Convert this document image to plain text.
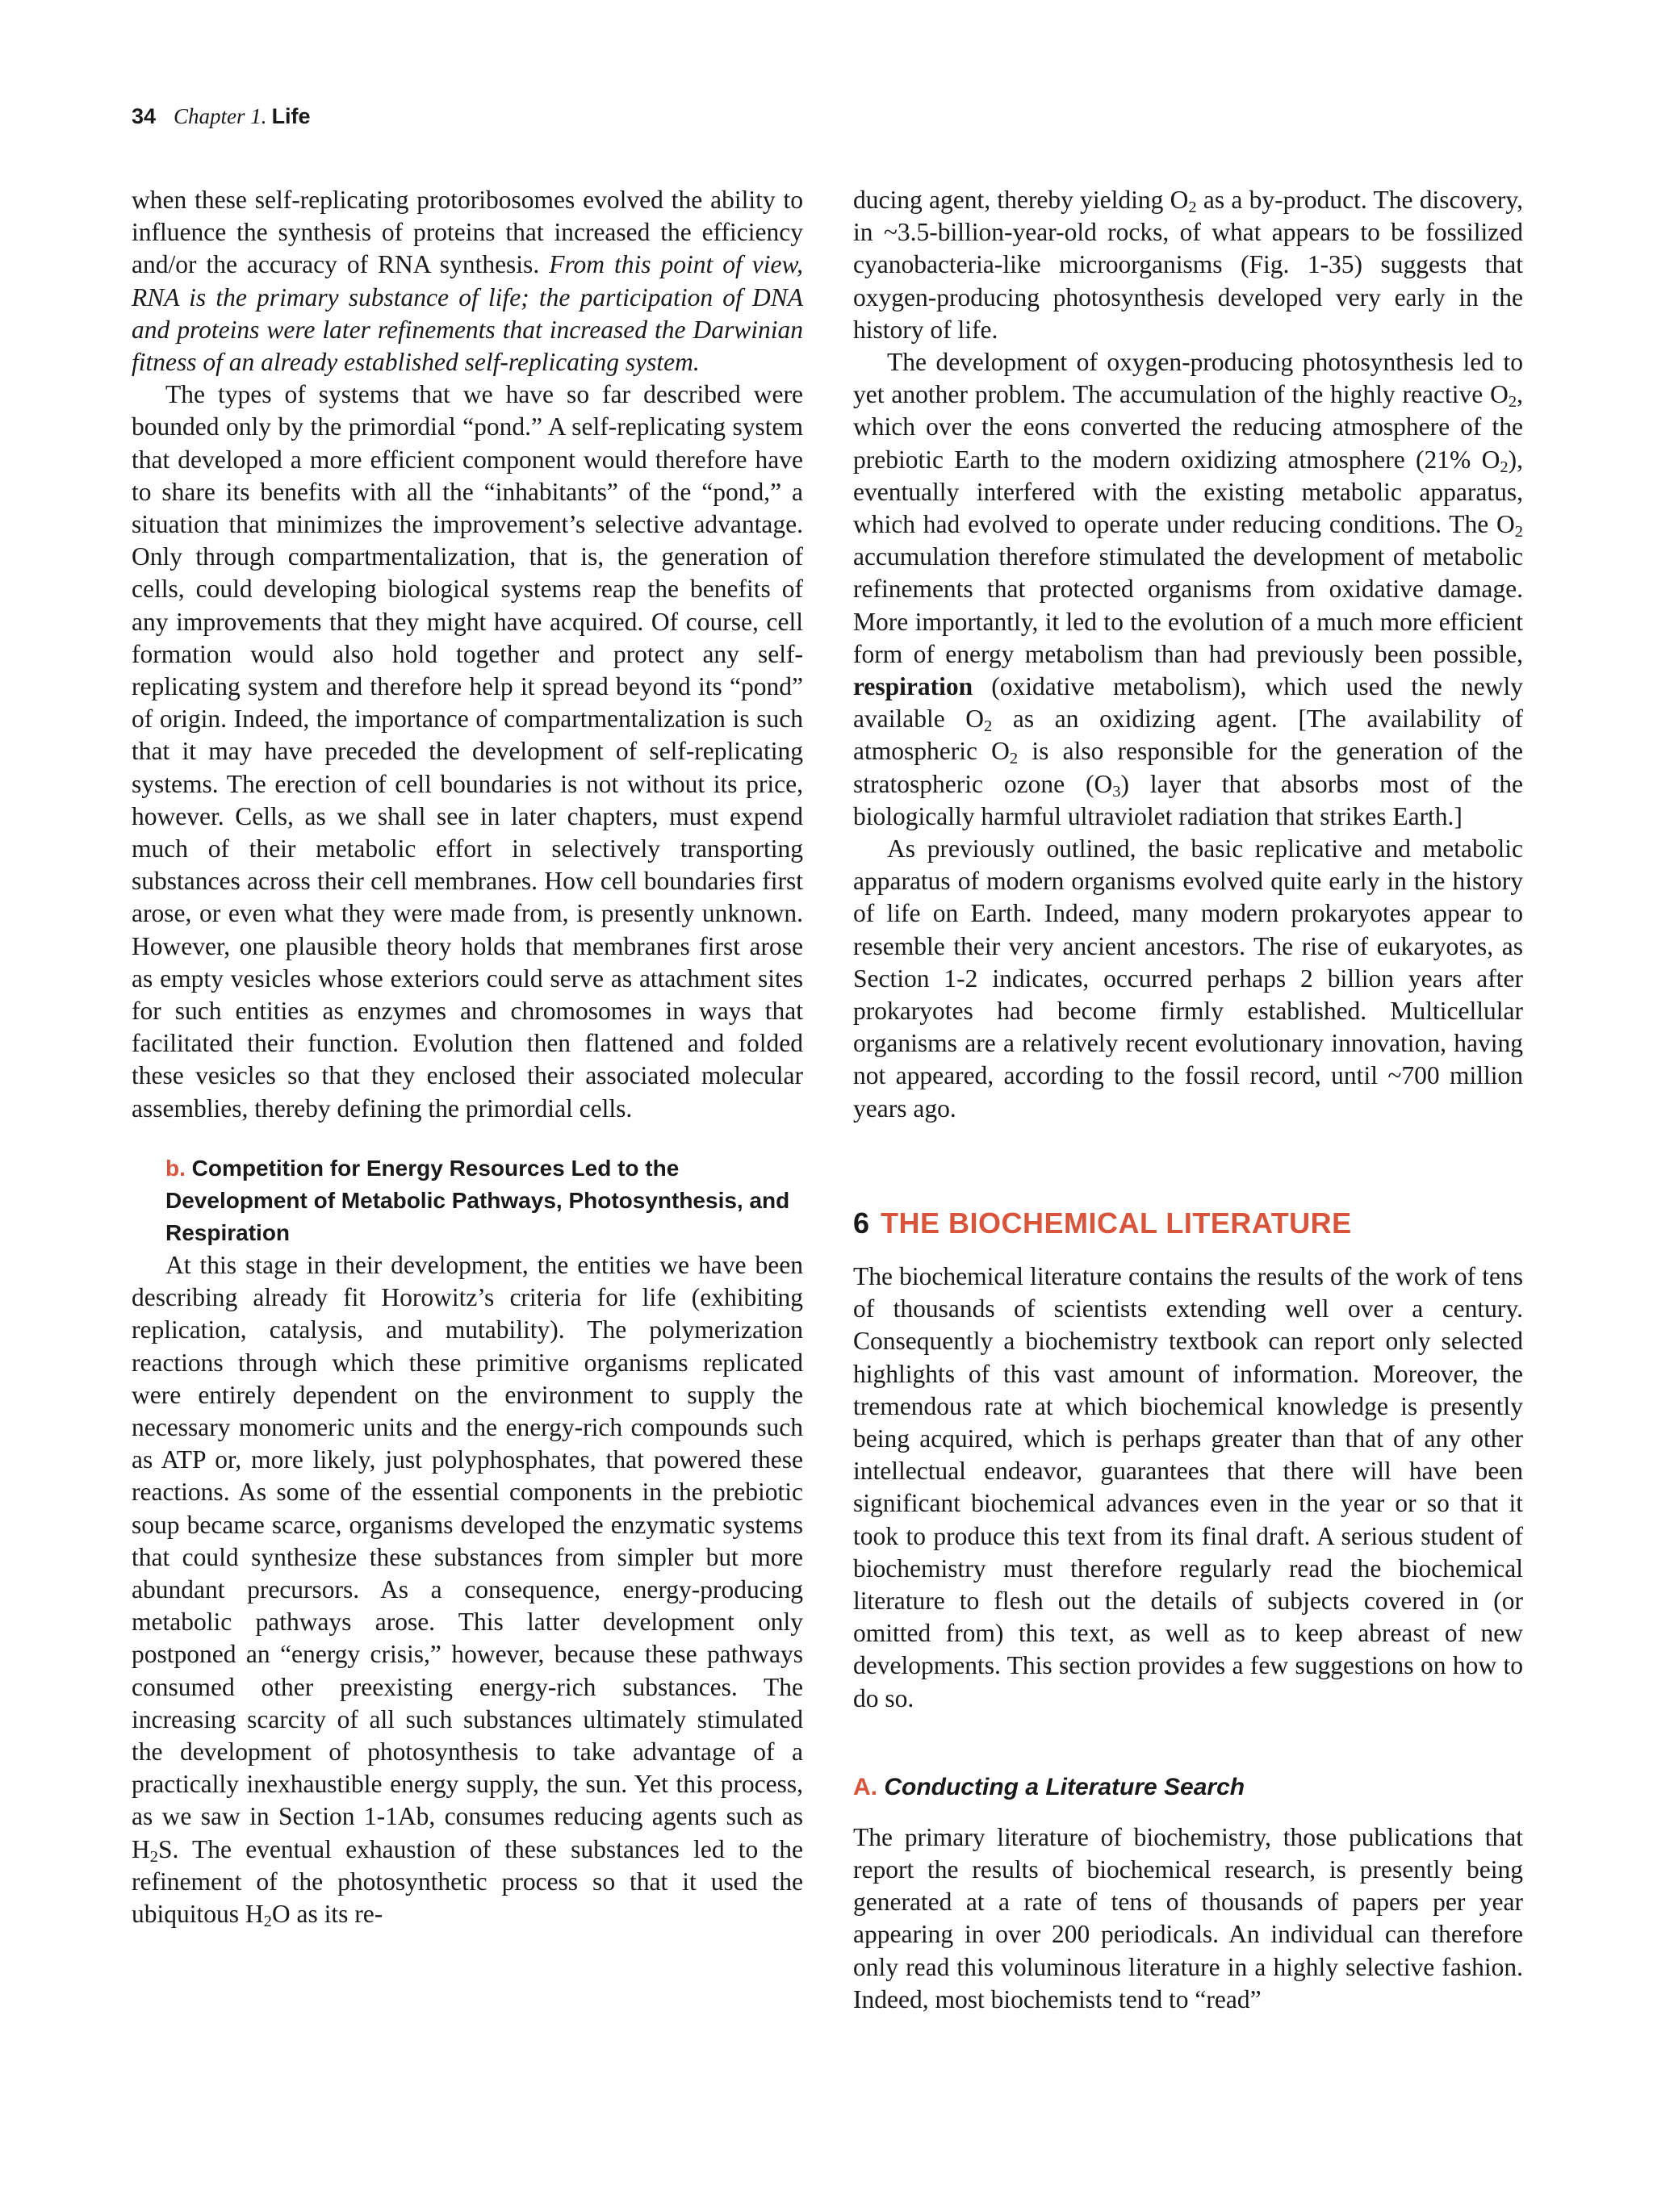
34 Chapter 1. Life

when these self-replicating protoribosomes evolved the ability to influence the synthesis of proteins that increased the efficiency and/or the accuracy of RNA synthesis. From this point of view, RNA is the primary substance of life; the participation of DNA and proteins were later refinements that increased the Darwinian fitness of an already established self-replicating system.

The types of systems that we have so far described were bounded only by the primordial “pond.” A self-replicating system that developed a more efficient component would therefore have to share its benefits with all the “inhabitants” of the “pond,” a situation that minimizes the improvement’s selective advantage. Only through compartmentalization, that is, the generation of cells, could developing biological systems reap the benefits of any improvements that they might have acquired. Of course, cell formation would also hold together and protect any self-replicating system and therefore help it spread beyond its “pond” of origin. Indeed, the importance of compartmentalization is such that it may have preceded the development of self-replicating systems. The erection of cell boundaries is not without its price, however. Cells, as we shall see in later chapters, must expend much of their metabolic effort in selectively transporting substances across their cell membranes. How cell boundaries first arose, or even what they were made from, is presently unknown. However, one plausible theory holds that membranes first arose as empty vesicles whose exteriors could serve as attachment sites for such entities as enzymes and chromosomes in ways that facilitated their function. Evolution then flattened and folded these vesicles so that they enclosed their associated molecular assemblies, thereby defining the primordial cells.

b. Competition for Energy Resources Led to the Development of Metabolic Pathways, Photosynthesis, and Respiration

At this stage in their development, the entities we have been describing already fit Horowitz’s criteria for life (exhibiting replication, catalysis, and mutability). The polymerization reactions through which these primitive organisms replicated were entirely dependent on the environment to supply the necessary monomeric units and the energy-rich compounds such as ATP or, more likely, just polyphosphates, that powered these reactions. As some of the essential components in the prebiotic soup became scarce, organisms developed the enzymatic systems that could synthesize these substances from simpler but more abundant precursors. As a consequence, energy-producing metabolic pathways arose. This latter development only postponed an “energy crisis,” however, because these pathways consumed other preexisting energy-rich substances. The increasing scarcity of all such substances ultimately stimulated the development of photosynthesis to take advantage of a practically inexhaustible energy supply, the sun. Yet this process, as we saw in Section 1-1Ab, consumes reducing agents such as $H_2S$. The eventual exhaustion of these substances led to the refinement of the photosynthetic process so that it used the ubiquitous $H_2O$ as its re-

ducing agent, thereby yielding $O_2$ as a by-product. The discovery, in ~3.5-billion-year-old rocks, of what appears to be fossilized cyanobacteria-like microorganisms (Fig. 1-35) suggests that oxygen-producing photosynthesis developed very early in the history of life.

The development of oxygen-producing photosynthesis led to yet another problem. The accumulation of the highly reactive $O_2$, which over the eons converted the reducing atmosphere of the prebiotic Earth to the modern oxidizing atmosphere (21% $O_2$), eventually interfered with the existing metabolic apparatus, which had evolved to operate under reducing conditions. The $O_2$ accumulation therefore stimulated the development of metabolic refinements that protected organisms from oxidative damage. More importantly, it led to the evolution of a much more efficient form of energy metabolism than had previously been possible, respiration (oxidative metabolism), which used the newly available $O_2$ as an oxidizing agent. [The availability of atmospheric $O_2$ is also responsible for the generation of the stratospheric ozone $(O_3)$ layer that absorbs most of the biologically harmful ultraviolet radiation that strikes Earth.]

As previously outlined, the basic replicative and metabolic apparatus of modern organisms evolved quite early in the history of life on Earth. Indeed, many modern prokaryotes appear to resemble their very ancient ancestors. The rise of eukaryotes, as Section 1-2 indicates, occurred perhaps 2 billion years after prokaryotes had become firmly established. Multicellular organisms are a relatively recent evolutionary innovation, having not appeared, according to the fossil record, until ~700 million years ago.

6 THE BIOCHEMICAL LITERATURE

The biochemical literature contains the results of the work of tens of thousands of scientists extending well over a century. Consequently a biochemistry textbook can report only selected highlights of this vast amount of information. Moreover, the tremendous rate at which biochemical knowledge is presently being acquired, which is perhaps greater than that of any other intellectual endeavor, guarantees that there will have been significant biochemical advances even in the year or so that it took to produce this text from its final draft. A serious student of biochemistry must therefore regularly read the biochemical literature to flesh out the details of subjects covered in (or omitted from) this text, as well as to keep abreast of new developments. This section provides a few suggestions on how to do so.

A. Conducting a Literature Search

The primary literature of biochemistry, those publications that report the results of biochemical research, is presently being generated at a rate of tens of thousands of papers per year appearing in over 200 periodicals. An individual can therefore only read this voluminous literature in a highly selective fashion. Indeed, most biochemists tend to “read”
